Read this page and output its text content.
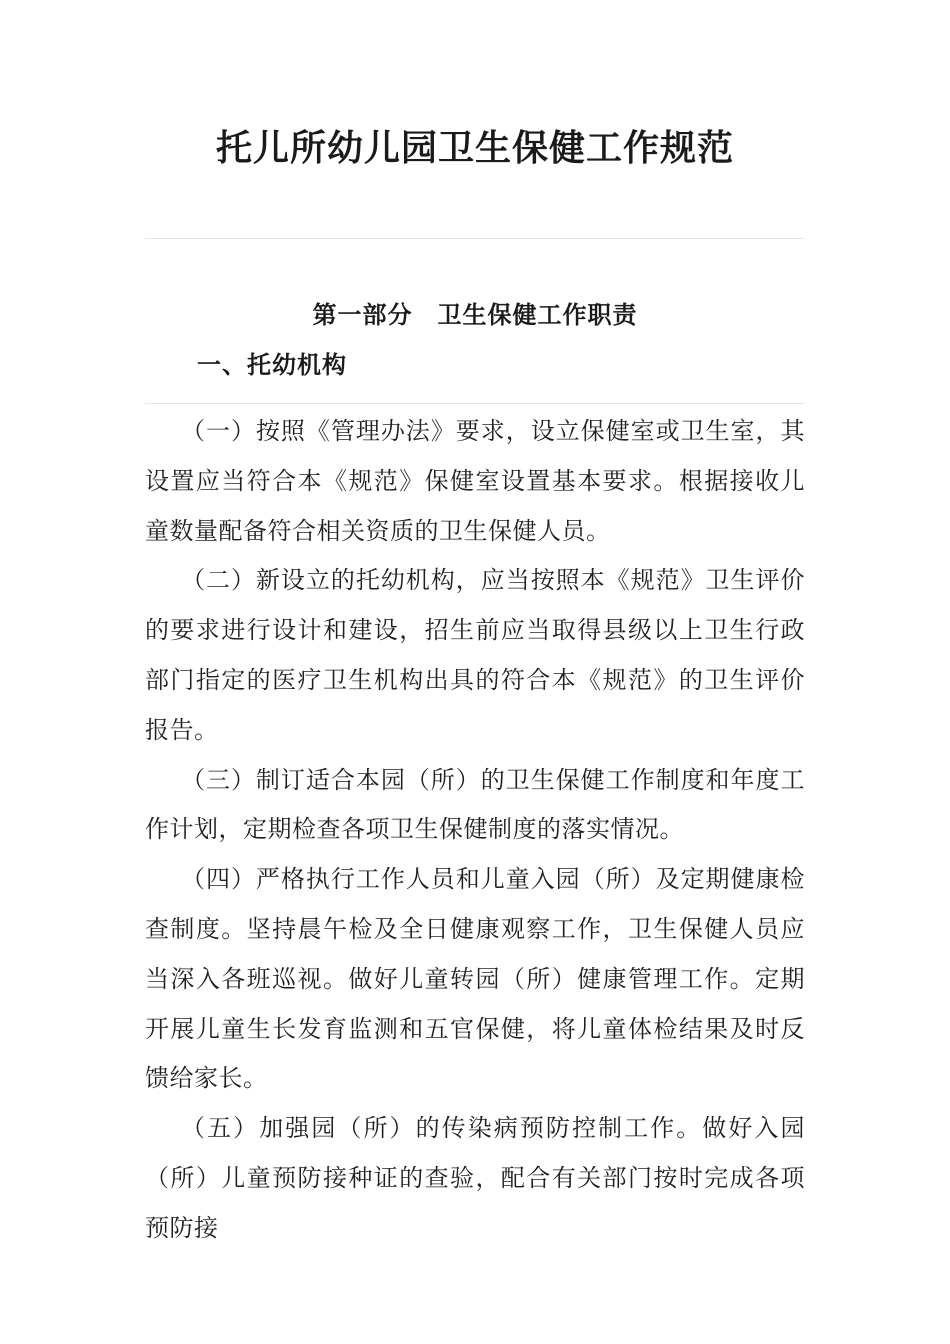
托儿所幼儿园卫生保健工作规范
第一部分　卫生保健工作职责
一、托幼机构

（一）按照《管理办法》要求，设立保健室或卫生室，其设置应当符合本《规范》保健室设置基本要求。根据接收儿童数量配备符合相关资质的卫生保健人员。

（二）新设立的托幼机构，应当按照本《规范》卫生评价的要求进行设计和建设，招生前应当取得县级以上卫生行政部门指定的医疗卫生机构出具的符合本《规范》的卫生评价报告。

（三）制订适合本园（所）的卫生保健工作制度和年度工作计划，定期检查各项卫生保健制度的落实情况。

（四）严格执行工作人员和儿童入园（所）及定期健康检查制度。坚持晨午检及全日健康观察工作，卫生保健人员应当深入各班巡视。做好儿童转园（所）健康管理工作。定期开展儿童生长发育监测和五官保健，将儿童体检结果及时反馈给家长。

（五）加强园（所）的传染病预防控制工作。做好入园（所）儿童预防接种证的查验，配合有关部门按时完成各项预防接
